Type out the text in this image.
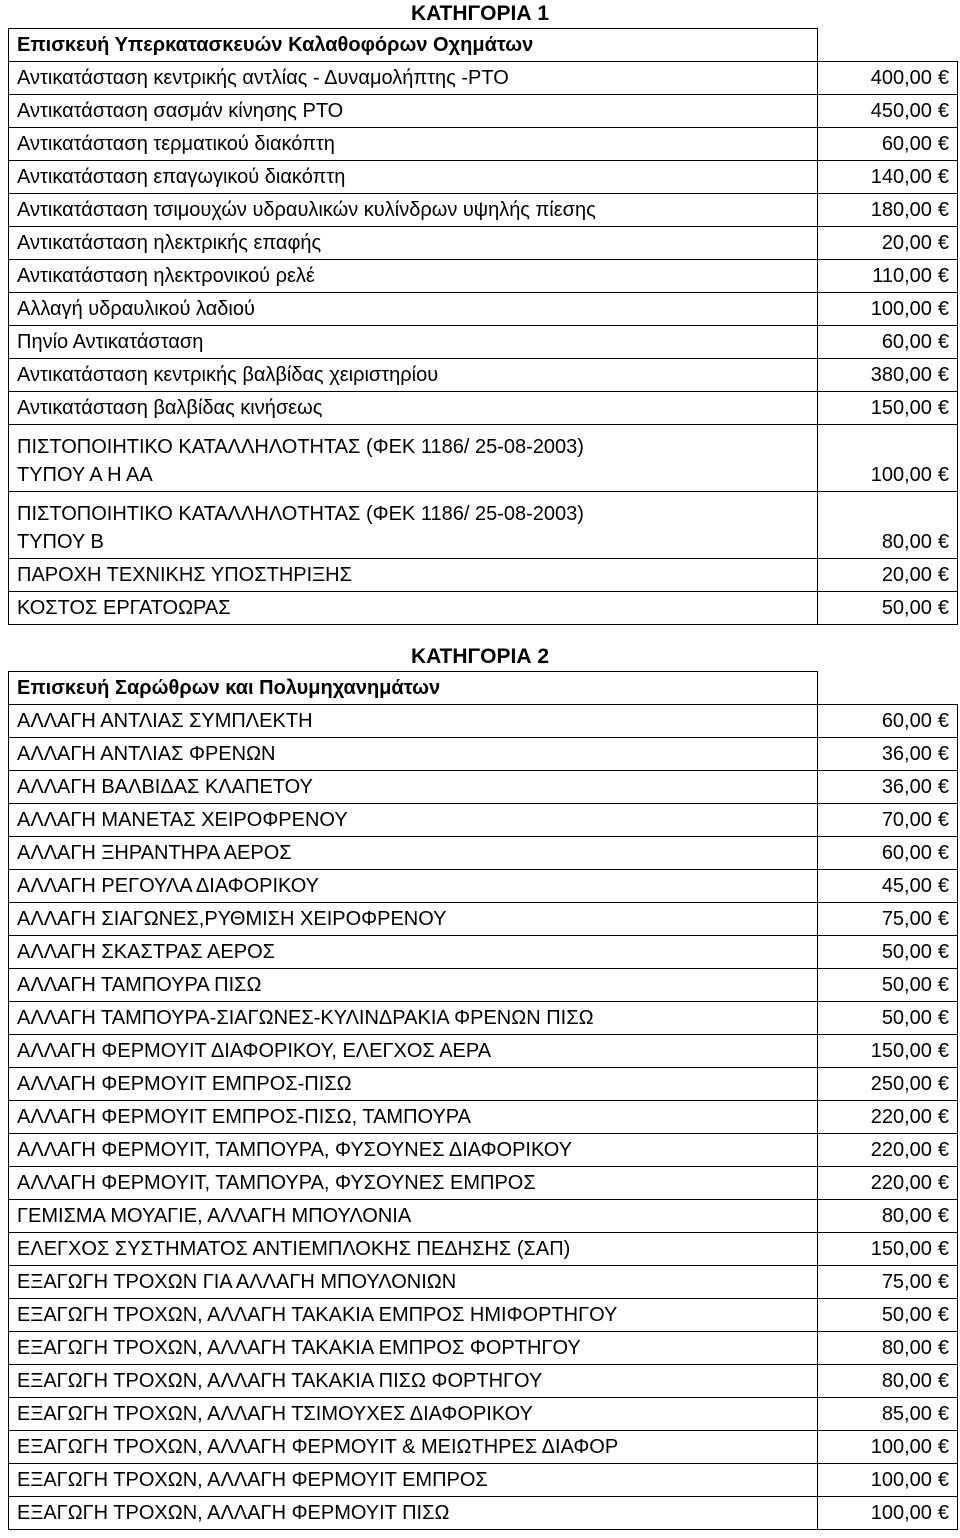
ΚΑΤΗΓΟΡΙΑ 1
Επισκευή Υπερκατασκευών Καλαθοφόρων Οχημάτων	
Αντικατάσταση κεντρικής αντλίας - Δυναμολήπτης -PTO	400,00 €
Αντικατάσταση σασμάν κίνησης PTO	450,00 €
Αντικατάσταση τερματικού διακόπτη	60,00 €
Αντικατάσταση επαγωγικού διακόπτη	140,00 €
Αντικατάσταση τσιμουχών υδραυλικών κυλίνδρων υψηλής πίεσης	180,00 €
Αντικατάσταση ηλεκτρικής επαφής	20,00 €
Αντικατάσταση ηλεκτρονικού ρελέ	110,00 €
Αλλαγή υδραυλικού λαδιού	100,00 €
Πηνίο Αντικατάσταση	60,00 €
Αντικατάσταση κεντρικής βαλβίδας χειριστηρίου	380,00 €
Αντικατάσταση βαλβίδας κινήσεως	150,00 €
ΠΙΣΤΟΠΟΙΗΤΙΚΟ ΚΑΤΑΛΛΗΛΟΤΗΤΑΣ (ΦΕΚ 1186/ 25-08-2003)
ΤΥΠΟΥ Α Η ΑΑ	100,00 €
ΠΙΣΤΟΠΟΙΗΤΙΚΟ ΚΑΤΑΛΛΗΛΟΤΗΤΑΣ (ΦΕΚ 1186/ 25-08-2003)
ΤΥΠΟΥ Β	80,00 €
ΠΑΡΟΧΗ ΤΕΧΝΙΚΗΣ ΥΠΟΣΤΗΡΙΞΗΣ	20,00 €
ΚΟΣΤΟΣ ΕΡΓΑΤΟΩΡΑΣ	50,00 €
ΚΑΤΗΓΟΡΙΑ 2
Επισκευή Σαρώθρων και Πολυμηχανημάτων	
ΑΛΛΑΓΗ ΑΝΤΛΙΑΣ ΣΥΜΠΛΕΚΤΗ	60,00 €
ΑΛΛΑΓΗ ΑΝΤΛΙΑΣ ΦΡΕΝΩΝ	36,00 €
ΑΛΛΑΓΗ ΒΑΛΒΙΔΑΣ ΚΛΑΠΕΤΟΥ	36,00 €
ΑΛΛΑΓΗ ΜΑΝΕΤΑΣ ΧΕΙΡΟΦΡΕΝΟΥ	70,00 €
ΑΛΛΑΓΗ ΞΗΡΑΝΤΗΡΑ ΑΕΡΟΣ	60,00 €
ΑΛΛΑΓΗ ΡΕΓΟΥΛΑ ΔΙΑΦΟΡΙΚΟΥ	45,00 €
ΑΛΛΑΓΗ ΣΙΑΓΩΝΕΣ,ΡΥΘΜΙΣΗ ΧΕΙΡΟΦΡΕΝΟΥ	75,00 €
ΑΛΛΑΓΗ ΣΚΑΣΤΡΑΣ ΑΕΡΟΣ	50,00 €
ΑΛΛΑΓΗ ΤΑΜΠΟΥΡΑ ΠΙΣΩ	50,00 €
ΑΛΛΑΓΗ ΤΑΜΠΟΥΡΑ-ΣΙΑΓΩΝΕΣ-ΚΥΛΙΝΔΡΑΚΙΑ ΦΡΕΝΩΝ ΠΙΣΩ	50,00 €
ΑΛΛΑΓΗ ΦΕΡΜΟΥΙΤ ΔΙΑΦΟΡΙΚΟΥ, ΕΛΕΓΧΟΣ ΑΕΡΑ	150,00 €
ΑΛΛΑΓΗ ΦΕΡΜΟΥΙΤ ΕΜΠΡΟΣ-ΠΙΣΩ	250,00 €
ΑΛΛΑΓΗ ΦΕΡΜΟΥΙΤ ΕΜΠΡΟΣ-ΠΙΣΩ, ΤΑΜΠΟΥΡΑ	220,00 €
ΑΛΛΑΓΗ ΦΕΡΜΟΥΙΤ, ΤΑΜΠΟΥΡΑ, ΦΥΣΟΥΝΕΣ ΔΙΑΦΟΡΙΚΟΥ	220,00 €
ΑΛΛΑΓΗ ΦΕΡΜΟΥΙΤ, ΤΑΜΠΟΥΡΑ, ΦΥΣΟΥΝΕΣ ΕΜΠΡΟΣ	220,00 €
ΓΕΜΙΣΜΑ ΜΟΥΑΓΙΕ, ΑΛΛΑΓΗ ΜΠΟΥΛΟΝΙΑ	80,00 €
ΕΛΕΓΧΟΣ ΣΥΣΤΗΜΑΤΟΣ ΑΝΤΙΕΜΠΛΟΚΗΣ ΠΕΔΗΣΗΣ (ΣΑΠ)	150,00 €
ΕΞΑΓΩΓΗ ΤΡΟΧΩΝ ΓΙΑ ΑΛΛΑΓΗ ΜΠΟΥΛΟΝΙΩΝ	75,00 €
ΕΞΑΓΩΓΗ ΤΡΟΧΩΝ, ΑΛΛΑΓΗ ΤΑΚΑΚΙΑ ΕΜΠΡΟΣ ΗΜΙΦΟΡΤΗΓΟΥ	50,00 €
ΕΞΑΓΩΓΗ ΤΡΟΧΩΝ, ΑΛΛΑΓΗ ΤΑΚΑΚΙΑ ΕΜΠΡΟΣ ΦΟΡΤΗΓΟΥ	80,00 €
ΕΞΑΓΩΓΗ ΤΡΟΧΩΝ, ΑΛΛΑΓΗ ΤΑΚΑΚΙΑ ΠΙΣΩ ΦΟΡΤΗΓΟΥ	80,00 €
ΕΞΑΓΩΓΗ ΤΡΟΧΩΝ, ΑΛΛΑΓΗ ΤΣΙΜΟΥΧΕΣ ΔΙΑΦΟΡΙΚΟΥ	85,00 €
ΕΞΑΓΩΓΗ ΤΡΟΧΩΝ, ΑΛΛΑΓΗ ΦΕΡΜΟΥΙΤ & ΜΕΙΩΤΗΡΕΣ ΔΙΑΦΟΡ	100,00 €
ΕΞΑΓΩΓΗ ΤΡΟΧΩΝ, ΑΛΛΑΓΗ ΦΕΡΜΟΥΙΤ ΕΜΠΡΟΣ	100,00 €
ΕΞΑΓΩΓΗ ΤΡΟΧΩΝ, ΑΛΛΑΓΗ ΦΕΡΜΟΥΙΤ ΠΙΣΩ	100,00 €
